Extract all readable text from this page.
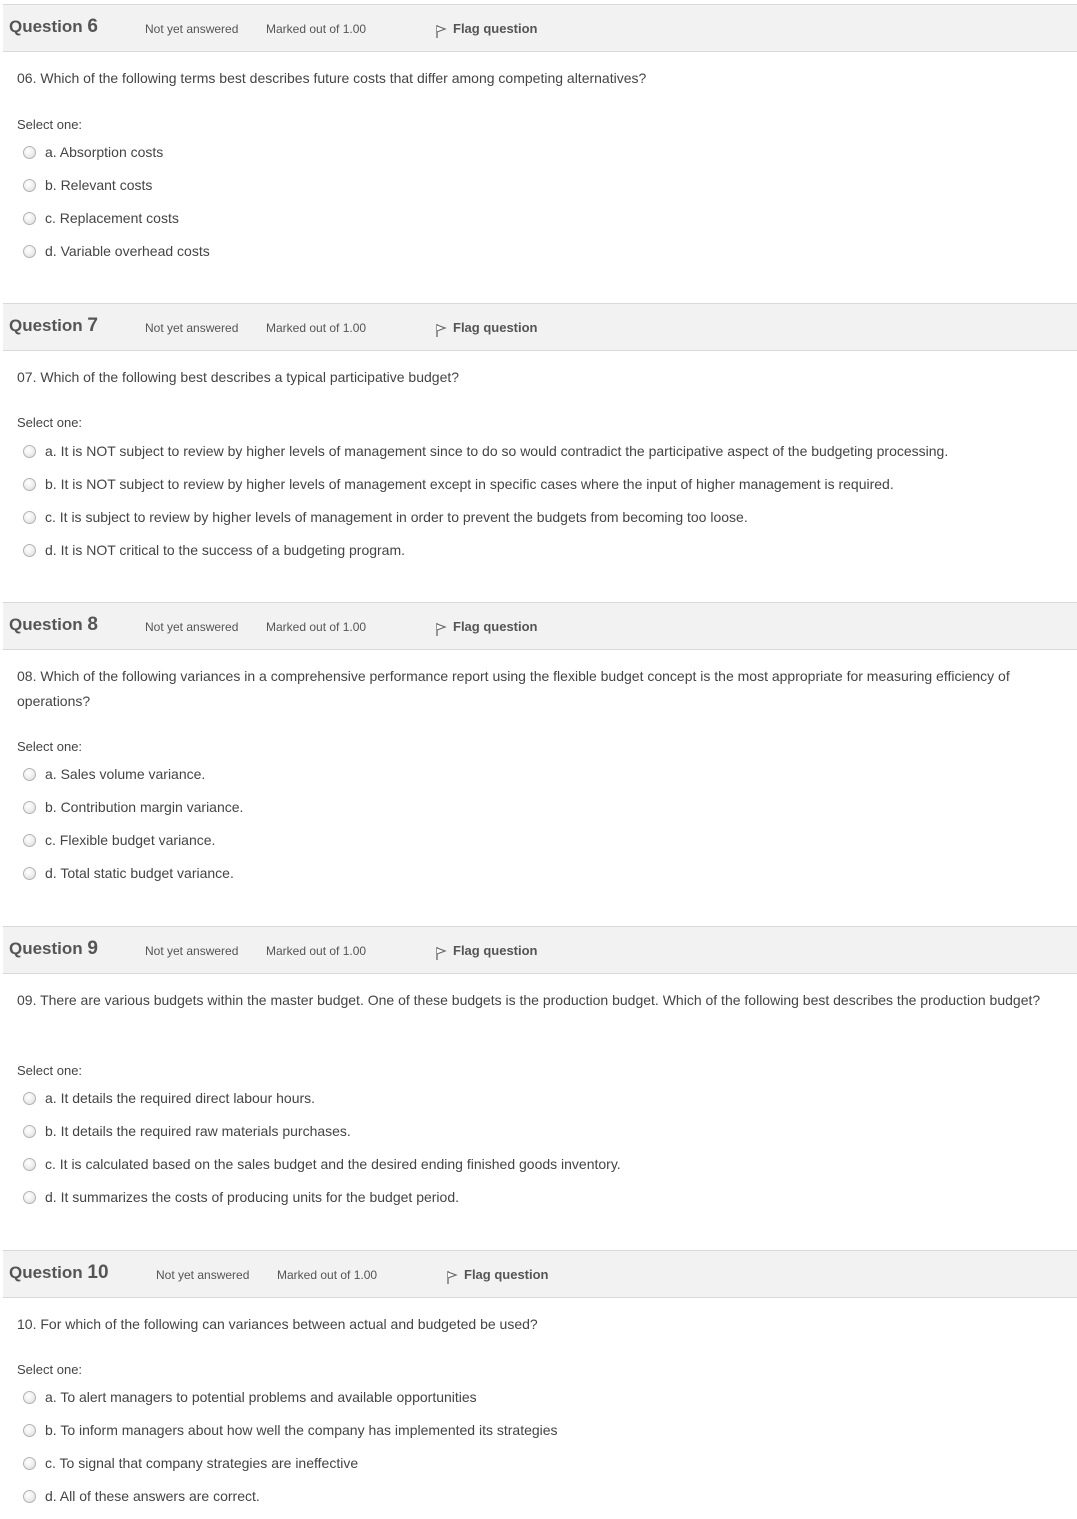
Question 6	Not yet answered Marked out of 1.00	Flag question
06. Which of the following terms best describes future costs that differ among competing alternatives?
Select one:
a. Absorption costs
b. Relevant costs
c. Replacement costs
d. Variable overhead costs
Question 7	Not yet answered Marked out of 1.00	Flag question
07. Which of the following best describes a typical participative budget?
Select one:
a. It is NOT subject to review by higher levels of management since to do so would contradict the participative aspect of the budgeting processing.
b. It is NOT subject to review by higher levels of management except in specific cases where the input of higher management is required.
c. It is subject to review by higher levels of management in order to prevent the budgets from becoming too loose.
d. It is NOT critical to the success of a budgeting program.
Question 8	Not yet answered Marked out of 1.00	Flag question
08. Which of the following variances in a comprehensive performance report using the flexible budget concept is the most appropriate for measuring efficiency of operations?
Select one:
a. Sales volume variance.
b. Contribution margin variance.
c. Flexible budget variance.
d. Total static budget variance.
Question 9	Not yet answered Marked out of 1.00	Flag question
09. There are various budgets within the master budget. One of these budgets is the production budget. Which of the following best describes the production budget?
Select one:
a. It details the required direct labour hours.
b. It details the required raw materials purchases.
c. It is calculated based on the sales budget and the desired ending finished goods inventory.
d. It summarizes the costs of producing units for the budget period.
Question 10	Not yet answered Marked out of 1.00	Flag question
10. For which of the following can variances between actual and budgeted be used?
Select one:
a. To alert managers to potential problems and available opportunities
b. To inform managers about how well the company has implemented its strategies
c. To signal that company strategies are ineffective
d. All of these answers are correct.
